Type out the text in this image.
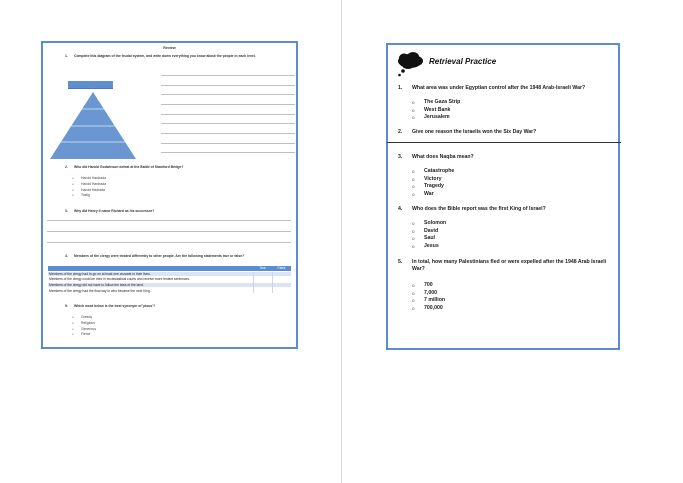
Review
1. Complete this diagram of the feudal system, and write down everything you know about the people in each level.
2. Who did Harold Godwinson defeat at the Battle of Stamford Bridge?
o Harold Hardrada
o Harold Hardrada
o Harold Hadrada
o Tostig
3. Why did Henry II name Richard as his successor?
4. Members of the clergy were treated differently to other people. Are the following statements true or false?
	True	False
Members of the clergy had to go on at least one crusade in their lives.		
Members of the clergy could be tried in ecclesiastical courts and receive more lenient sentences.		
Members of the clergy did not have to follow the laws of the land.		
Members of the clergy had the final say in who became the next King.		
5. Which word below is the best synonym of 'pious'?
o Greedy
o Religious
o Generous
o Fierce
Retrieval Practice
1. What area was under Egyptian control after the 1948 Arab-Israeli War?
o The Gaza Strip
o West Bank
o Jerusalem
2. Give one reason the Israelis won the Six Day War?
3. What does Naqba mean?
o Catastrophe
o Victory
o Tragedy
o War
4. Who does the Bible report was the first King of Israel?
o Solomon
o David
o Saul
o Jesus
5. In total, how many Palestinians fled or were expelled after the 1948 Arab Israeli War?
o 700
o 7,000
o 7 million
o 700,000
